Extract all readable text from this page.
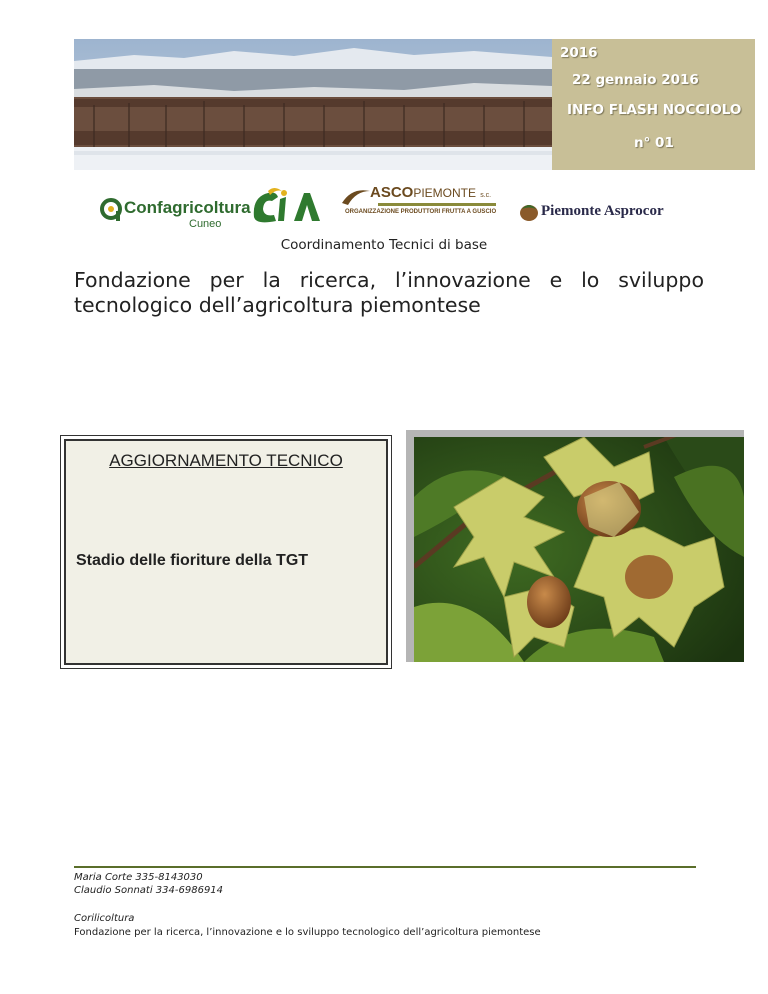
2016
22 gennaio 2016
INFO FLASH NOCCIOLO
n° 01
Confagricoltura
Cuneo
ASCOPIEMONTE s.c.
ORGANIZZAZIONE PRODUTTORI FRUTTA A GUSCIO	Piemonte Asprocor
Coordinamento Tecnici di base
Fondazione per la ricerca, l’innovazione e lo sviluppo tecnologico dell’agricoltura piemontese
AGGIORNAMENTO TECNICO
Stadio delle fioriture della TGT
Maria Corte 335-8143030
Claudio Sonnati 334-6986914
Corilicoltura
Fondazione per la ricerca, l’innovazione e lo sviluppo tecnologico dell’agricoltura piemontese
